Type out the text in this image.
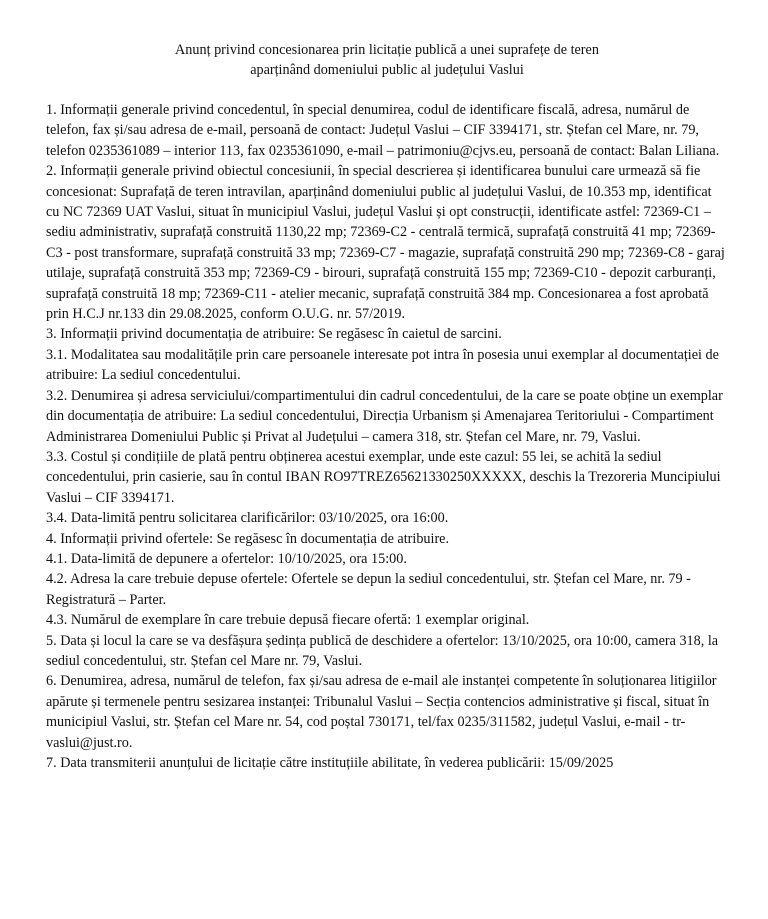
Anunț privind concesionarea prin licitație publică a unei suprafețe de teren
aparținând domeniului public al județului Vaslui

1. Informații generale privind concedentul, în special denumirea, codul de identificare fiscală, adresa, numărul de telefon, fax și/sau adresa de e-mail, persoană de contact: Județul Vaslui – CIF 3394171, str. Ștefan cel Mare, nr. 79, telefon 0235361089 – interior 113, fax 0235361090, e-mail – patrimoniu@cjvs.eu, persoană de contact: Balan Liliana.

2. Informații generale privind obiectul concesiunii, în special descrierea și identificarea bunului care urmează să fie concesionat: Suprafață de teren intravilan, aparținând domeniului public al județului Vaslui, de 10.353 mp, identificat cu NC 72369 UAT Vaslui, situat în municipiul Vaslui, județul Vaslui și opt construcții, identificate astfel: 72369-C1 – sediu administrativ, suprafață construită 1130,22 mp; 72369-C2 - centrală termică, suprafață construită 41 mp; 72369-C3 - post transformare, suprafață construită 33 mp; 72369-C7 - magazie, suprafață construită 290 mp; 72369-C8 - garaj utilaje, suprafață construită 353 mp; 72369-C9 - birouri, suprafață construită 155 mp; 72369-C10 - depozit carburanți, suprafață construită 18 mp; 72369-C11 - atelier mecanic, suprafață construită 384 mp. Concesionarea a fost aprobată prin H.C.J nr.133 din 29.08.2025, conform O.U.G. nr. 57/2019.

3. Informații privind documentația de atribuire: Se regăsesc în caietul de sarcini.

3.1. Modalitatea sau modalitățile prin care persoanele interesate pot intra în posesia unui exemplar al documentației de atribuire: La sediul concedentului.

3.2. Denumirea și adresa serviciului/compartimentului din cadrul concedentului, de la care se poate obține un exemplar din documentația de atribuire: La sediul concedentului, Direcția Urbanism și Amenajarea Teritoriului - Compartiment Administrarea Domeniului Public și Privat al Județului – camera 318, str. Ștefan cel Mare, nr. 79, Vaslui.

3.3. Costul și condițiile de plată pentru obținerea acestui exemplar, unde este cazul: 55 lei, se achită la sediul concedentului, prin casierie, sau în contul IBAN RO97TREZ65621330250XXXXX, deschis la Trezoreria Muncipiului Vaslui – CIF 3394171.

3.4. Data-limită pentru solicitarea clarificărilor: 03/10/2025, ora 16:00.

4. Informații privind ofertele: Se regăsesc în documentația de atribuire.

4.1. Data-limită de depunere a ofertelor: 10/10/2025, ora 15:00.

4.2. Adresa la care trebuie depuse ofertele: Ofertele se depun la sediul concedentului, str. Ștefan cel Mare, nr. 79 - Registratură – Parter.

4.3. Numărul de exemplare în care trebuie depusă fiecare ofertă: 1 exemplar original.

5. Data și locul la care se va desfășura ședința publică de deschidere a ofertelor: 13/10/2025, ora 10:00, camera 318, la sediul concedentului, str. Ștefan cel Mare nr. 79, Vaslui.

6. Denumirea, adresa, numărul de telefon, fax și/sau adresa de e-mail ale instanței competente în soluționarea litigiilor apărute și termenele pentru sesizarea instanței: Tribunalul Vaslui – Secția contencios administrative și fiscal, situat în municipiul Vaslui, str. Ștefan cel Mare nr. 54, cod poștal 730171, tel/fax 0235/311582, județul Vaslui, e-mail - tr-vaslui@just.ro.

7. Data transmiterii anunțului de licitație către instituțiile abilitate, în vederea publicării: 15/09/2025
